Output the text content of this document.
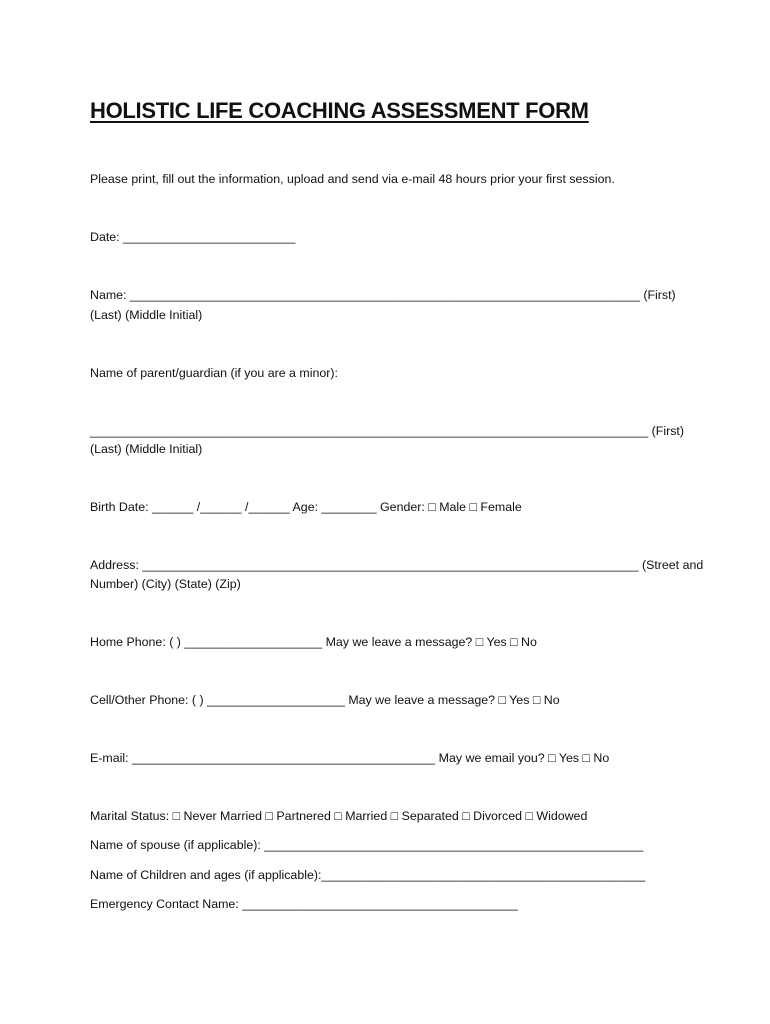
HOLISTIC LIFE COACHING ASSESSMENT FORM
Please print, fill out the information, upload and send via e-mail 48 hours prior your first session.
Date: _________________________
Name: __________________________________________________________________________ (First)
(Last) (Middle Initial)
Name of parent/guardian (if you are a minor):
_________________________________________________________________________________ (First)
(Last) (Middle Initial)
Birth Date: ______ /______ /______ Age: ________ Gender: □ Male □ Female
Address: ________________________________________________________________________ (Street and
Number) (City) (State) (Zip)
Home Phone: ( ) ____________________ May we leave a message? □ Yes □ No
Cell/Other Phone: ( ) ____________________ May we leave a message? □ Yes □ No
E-mail: ____________________________________________ May we email you? □ Yes □ No
Marital Status: □ Never Married □ Partnered □ Married □ Separated □ Divorced □ Widowed
Name of spouse (if applicable): _______________________________________________________
Name of Children and ages (if applicable):_______________________________________________
Emergency Contact Name: ________________________________________
